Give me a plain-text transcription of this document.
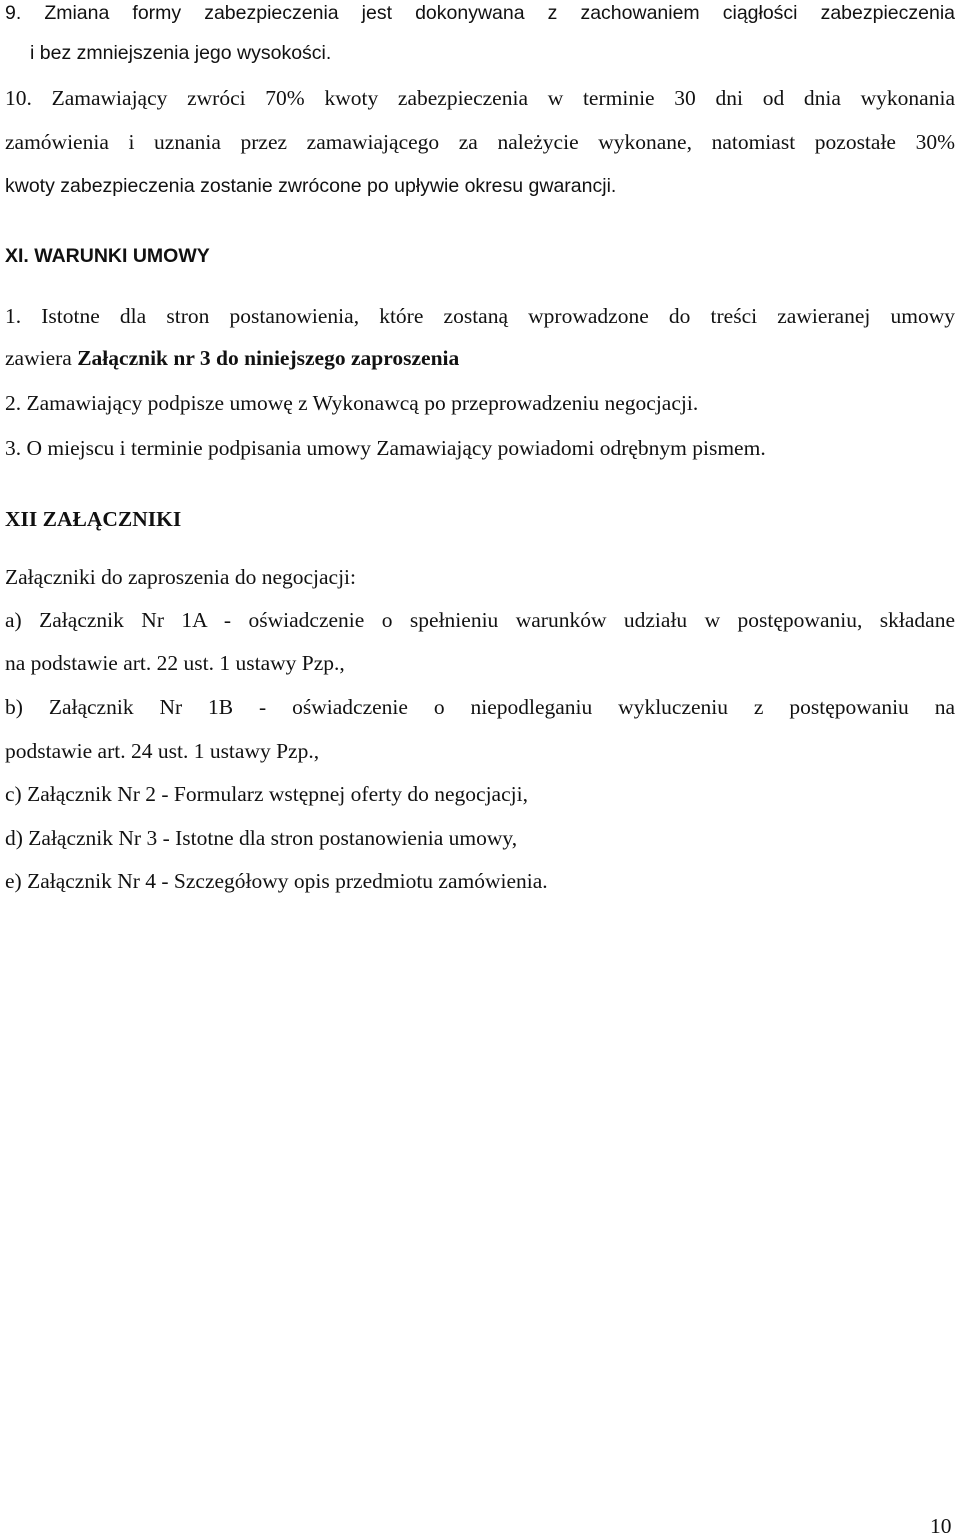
9. Zmiana formy zabezpieczenia jest dokonywana z zachowaniem ciągłości zabezpieczenia
i bez zmniejszenia jego wysokości.
10. Zamawiający zwróci 70% kwoty zabezpieczenia w terminie 30 dni od dnia wykonania
zamówienia i uznania przez zamawiającego za należycie wykonane, natomiast pozostałe 30%
kwoty zabezpieczenia zostanie zwrócone po upływie okresu gwarancji.
XI. WARUNKI UMOWY
1. Istotne dla stron postanowienia, które zostaną wprowadzone do treści zawieranej umowy
zawiera Załącznik nr 3 do niniejszego zaproszenia
2. Zamawiający podpisze umowę z Wykonawcą po przeprowadzeniu negocjacji.
3. O miejscu i terminie podpisania umowy Zamawiający powiadomi odrębnym pismem.
XII ZAŁĄCZNIKI
Załączniki do zaproszenia do negocjacji:
a) Załącznik Nr 1A - oświadczenie o spełnieniu warunków udziału w postępowaniu, składane
na podstawie art. 22 ust. 1 ustawy Pzp.,
b) Załącznik Nr 1B - oświadczenie o niepodleganiu wykluczeniu z postępowaniu na
podstawie art. 24 ust. 1 ustawy Pzp.,
c) Załącznik Nr 2 - Formularz wstępnej oferty do negocjacji,
d) Załącznik Nr 3 - Istotne dla stron postanowienia umowy,
e) Załącznik Nr 4 - Szczegółowy opis przedmiotu zamówienia.
10
